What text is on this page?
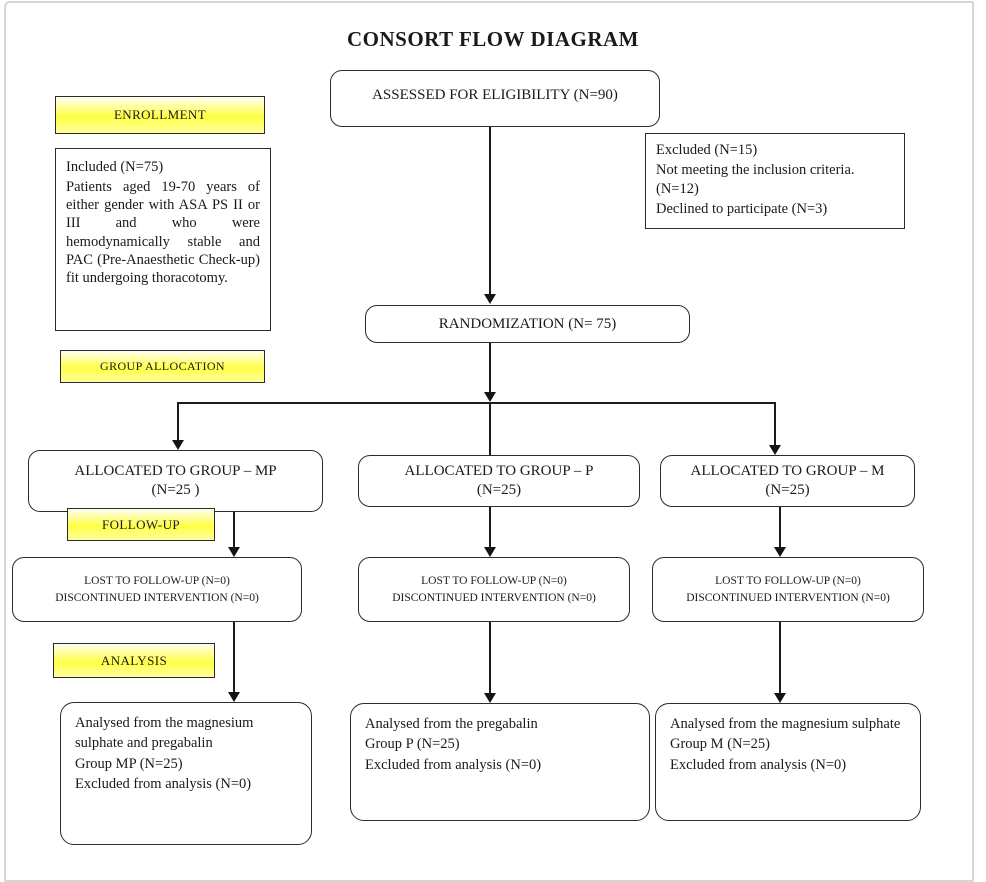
CONSORT FLOW DIAGRAM
ASSESSED FOR ELIGIBILITY (N=90)
ENROLLMENT
Included (N=75)
Patients aged 19-70 years of either gender with ASA PS II or III and who were hemodynamically stable and PAC (Pre-Anaesthetic Check-up) fit undergoing thoracotomy.
Excluded (N=15)
Not meeting the inclusion criteria.
(N=12)
Declined to participate (N=3)
RANDOMIZATION (N= 75)
GROUP ALLOCATION
ALLOCATED TO GROUP – MP
(N=25 )
ALLOCATED TO GROUP – P
(N=25)
ALLOCATED TO GROUP – M
(N=25)
FOLLOW-UP
LOST TO FOLLOW-UP (N=0)
DISCONTINUED INTERVENTION (N=0)
LOST TO FOLLOW-UP (N=0)
DISCONTINUED INTERVENTION (N=0)
LOST TO FOLLOW-UP (N=0)
DISCONTINUED INTERVENTION (N=0)
ANALYSIS
Analysed from the magnesium sulphate and pregabalin
Group MP (N=25)
Excluded from analysis (N=0)
Analysed from the pregabalin
Group P (N=25)
Excluded from analysis (N=0)
Analysed from the magnesium sulphate
Group M (N=25)
Excluded from analysis (N=0)
